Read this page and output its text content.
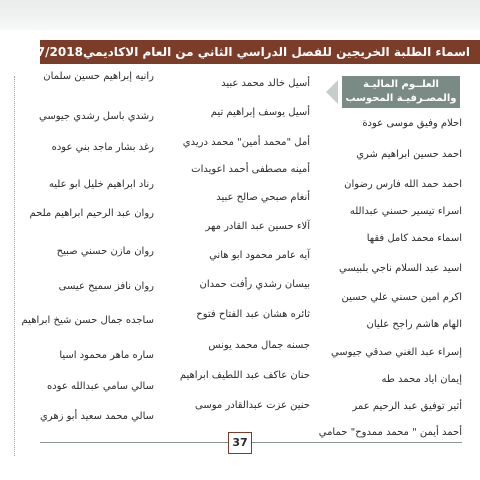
اسماء الطلبة الخريجين للفصل الدراسي الثاني من العام الاكاديمي2017/2018
العلــوم الماليـة
والمصـرفيـة المحوسب
احلام وفيق موسى عودة
احمد حسين ابراهيم شري
احمد حمد الله فارس رضوان
اسراء تيسير حسني عبدالله
اسماء محمد كامل فقها
اسيد عبد السلام ناجي بلبيسي
اكرم امين حسني علي حسين
الهام هاشم راجح عليان
إسراء عبد الغني صدقي جيوسي
إيمان اياد محمد طه
أثير توفيق عبد الرحيم عمر
أحمد أيمن " محمد ممدوح" حمامي
أسيل خالد محمد عبيد
أسيل يوسف إبراهيم تيم
أمل "محمد أمين" محمد دريدي
أمينه مصطفى أحمد اعويدات
أنغام صبحي صالح عبيد
آلاء حسين عبد القادر مهر
آيه عامر محمود ابو هاني
بيسان رشدي رأفت حمدان
ثائره هشان عبد الفتاح فتوح
جسنه جمال محمد يونس
حنان عاكف عبد اللطيف ابراهيم
حنين عزت عبدالقادر موسى
رانيه إبراهيم حسين سلمان
رشدي باسل رشدي جيوسي
رغد بشار ماجد بني عوده
رناد ابراهيم خليل ابو عليه
روان عبد الرحيم ابراهيم ملحم
روان مازن حسني صبيح
روان نافز سميح عيسى
ساجده جمال حسن شيخ ابراهيم
ساره ماهر محمود اسيا
سالي سامي عبدالله عوده
سالي محمد سعيد أبو زهري
37
